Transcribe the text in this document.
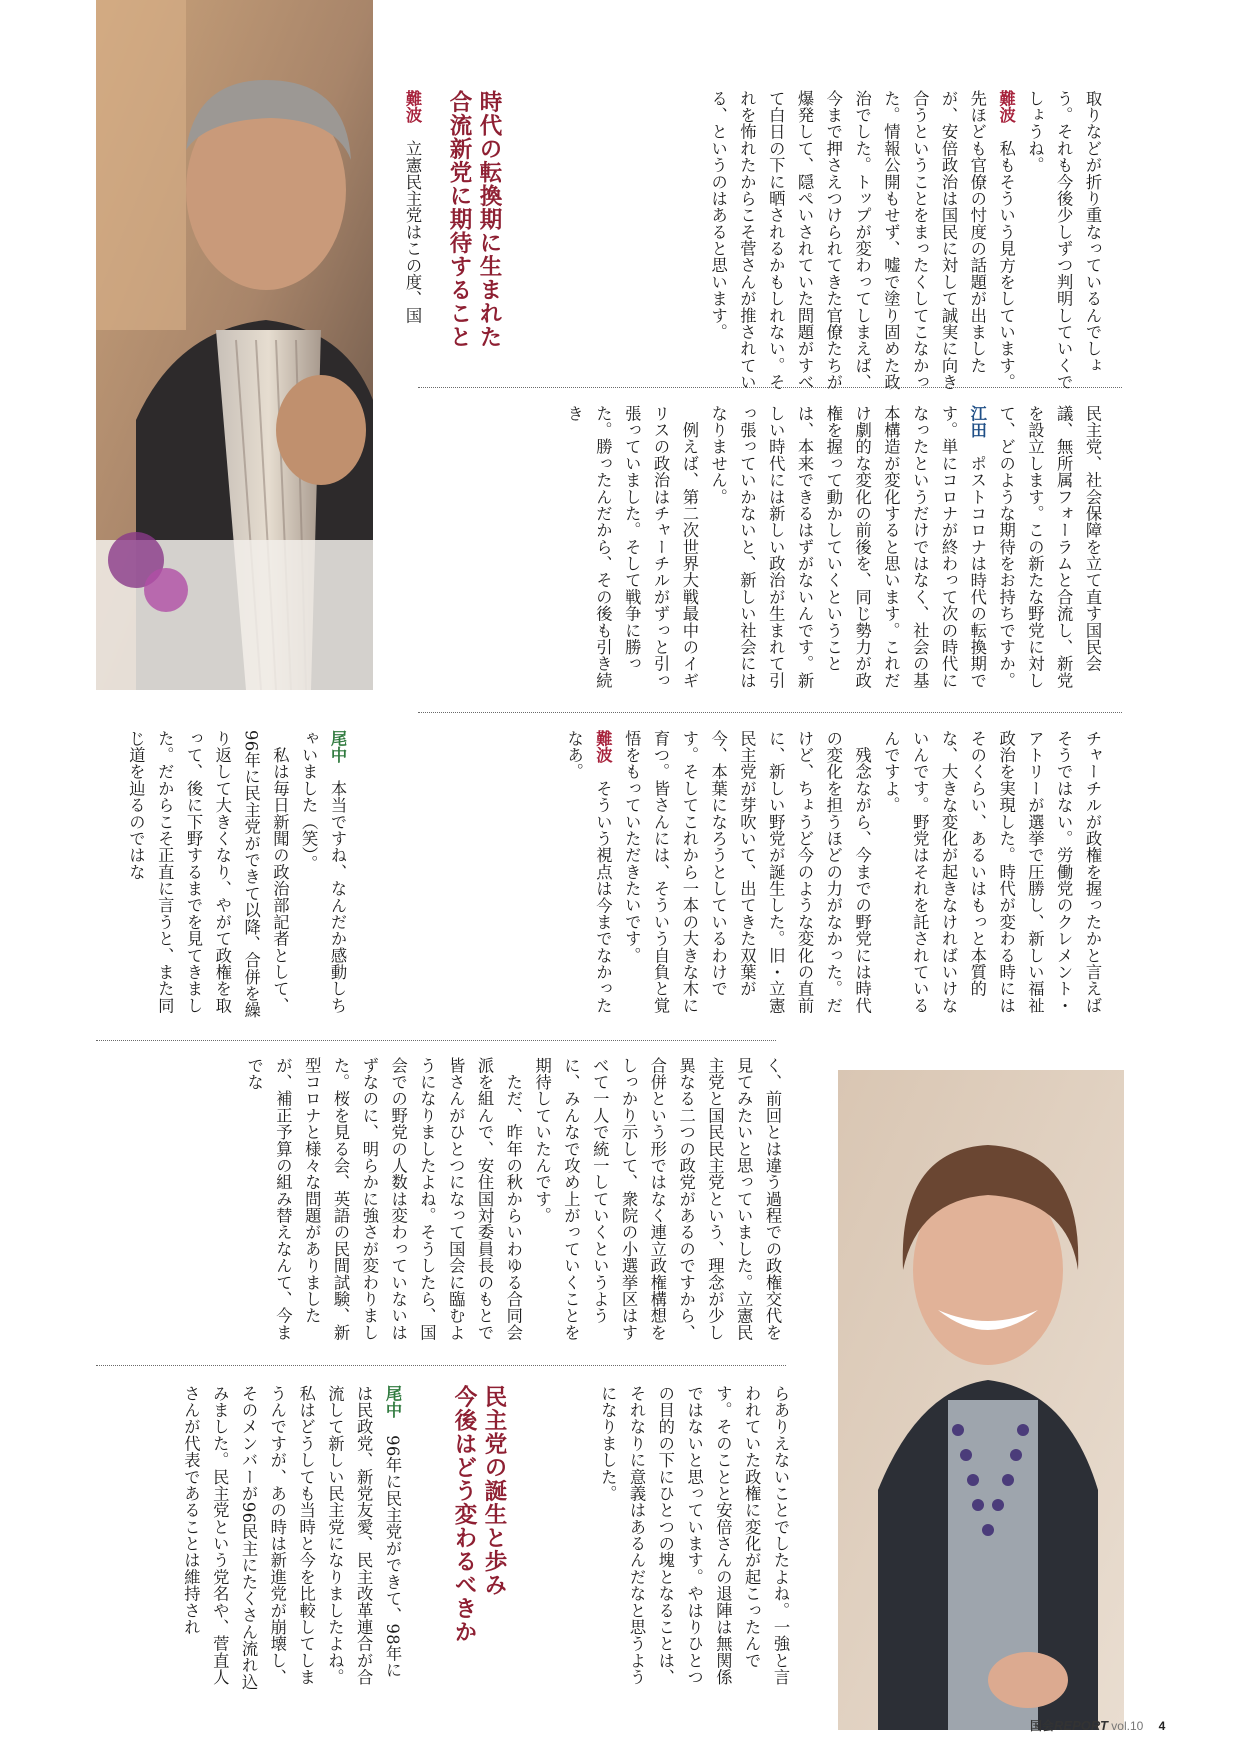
取りなどが折り重なっているんでしょう。それも今後少しずつ判明していくでしょうね。
難波　私もそういう見方をしています。先ほども官僚の忖度の話題が出ましたが、安倍政治は国民に対して誠実に向き合うということをまったくしてこなかった。情報公開もせず、嘘で塗り固めた政治でした。トップが変わってしまえば、今まで押さえつけられてきた官僚たちが爆発して、隠ぺいされていた問題がすべて白日の下に晒されるかもしれない。それを怖れたからこそ菅さんが推されている、というのはあると思います。
時代の転換期に生まれた
合流新党に期待すること
難波　立憲民主党はこの度、国
民主党、社会保障を立て直す国民会議、無所属フォーラムと合流し、新党を設立します。この新たな野党に対して、どのような期待をお持ちですか。
江田　ポストコロナは時代の転換期です。単にコロナが終わって次の時代になったというだけではなく、社会の基本構造が変化すると思います。これだけ劇的な変化の前後を、同じ勢力が政権を握って動かしていくということは、本来できるはずがないんです。新しい時代には新しい政治が生まれて引っ張っていかないと、新しい社会にはなりません。
　例えば、第二次世界大戦最中のイギリスの政治はチャーチルがずっと引っ張っていました。そして戦争に勝った。勝ったんだから、その後も引き続き
チャーチルが政権を握ったかと言えばそうではない。労働党のクレメント・アトリーが選挙で圧勝し、新しい福祉政治を実現した。時代が変わる時にはそのくらい、あるいはもっと本質的な、大きな変化が起きなければいけないんです。野党はそれを託されているんですよ。
　残念ながら、今までの野党には時代の変化を担うほどの力がなかった。だけど、ちょうど今のような変化の直前に、新しい野党が誕生した。旧・立憲民主党が芽吹いて、出てきた双葉が今、本葉になろうとしているわけです。そしてこれから一本の大きな木に育つ。皆さんには、そういう自負と覚悟をもっていただきたいです。
難波　そういう視点は今までなかったなあ。
尾中　本当ですね、なんだか感動しちゃいました（笑）。
　私は毎日新聞の政治部記者として、96年に民主党ができて以降、合併を繰り返して大きくなり、やがて政権を取って、後に下野するまでを見てきました。だからこそ正直に言うと、また同じ道を辿るのではな
く、前回とは違う過程での政権交代を見てみたいと思っていました。立憲民主党と国民民主党という、理念が少し異なる二つの政党があるのですから、合併という形ではなく連立政権構想をしっかり示して、衆院の小選挙区はすべて一人で統一していくというように、みんなで攻め上がっていくことを期待していたんです。
　ただ、昨年の秋からいわゆる合同会派を組んで、安住国対委員長のもとで皆さんがひとつになって国会に臨むようになりましたよね。そうしたら、国会での野党の人数は変わっていないはずなのに、明らかに強さが変わりました。桜を見る会、英語の民間試験、新型コロナと様々な問題がありましたが、補正予算の組み替えなんて、今までな
らありえないことでしたよね。一強と言われていた政権に変化が起こったんです。そのことと安倍さんの退陣は無関係ではないと思っています。やはりひとつの目的の下にひとつの塊となることは、それなりに意義はあるんだなと思うようになりました。
民主党の誕生と歩み
今後はどう変わるべきか
尾中　96年に民主党ができて、98年には民政党、新党友愛、民主改革連合が合流して新しい民主党になりましたよね。私はどうしても当時と今を比較してしまうんですが、あの時は新進党が崩壊し、そのメンバーが96民主にたくさん流れ込みました。民主党という党名や、菅直人さんが代表であることは維持され
国会REPORT vol.10 4
